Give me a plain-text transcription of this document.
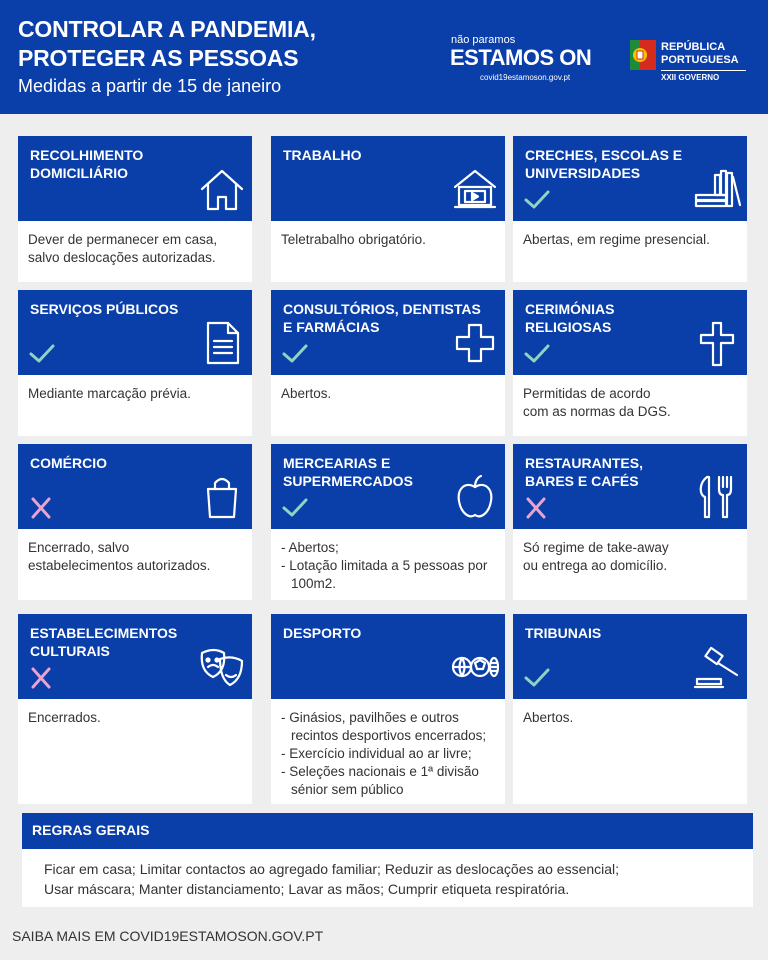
CONTROLAR A PANDEMIA,
PROTEGER AS PESSOAS
Medidas a partir de 15 de janeiro
não paramos
ESTAMOS ON
covid19estamoson.gov.pt
REPÚBLICA
PORTUGUESA
XXII GOVERNO
RECOLHIMENTO DOMICILIÁRIO
Dever de permanecer em casa,
salvo deslocações autorizadas.
TRABALHO
Teletrabalho obrigatório.
CRECHES, ESCOLAS E UNIVERSIDADES
Abertas, em regime presencial.
SERVIÇOS PÚBLICOS
Mediante marcação prévia.
CONSULTÓRIOS, DENTISTAS E FARMÁCIAS
Abertos.
CERIMÓNIAS RELIGIOSAS
Permitidas de acordo
com as normas da DGS.
COMÉRCIO
Encerrado, salvo
estabelecimentos autorizados.
MERCEARIAS E SUPERMERCADOS
- Abertos;
- Lotação limitada a 5 pessoas por 100m2.
RESTAURANTES, BARES E CAFÉS
Só regime de take-away
ou entrega ao domicílio.
ESTABELECIMENTOS CULTURAIS
Encerrados.
DESPORTO
- Ginásios, pavilhões e outros recintos desportivos encerrados;
- Exercício individual ao ar livre;
- Seleções nacionais e 1ª divisão sénior sem público
TRIBUNAIS
Abertos.
REGRAS GERAIS
Ficar em casa; Limitar contactos ao agregado familiar; Reduzir as deslocações ao essencial;
Usar máscara; Manter distanciamento; Lavar as mãos; Cumprir etiqueta respiratória.
SAIBA MAIS EM COVID19ESTAMOSON.GOV.PT
